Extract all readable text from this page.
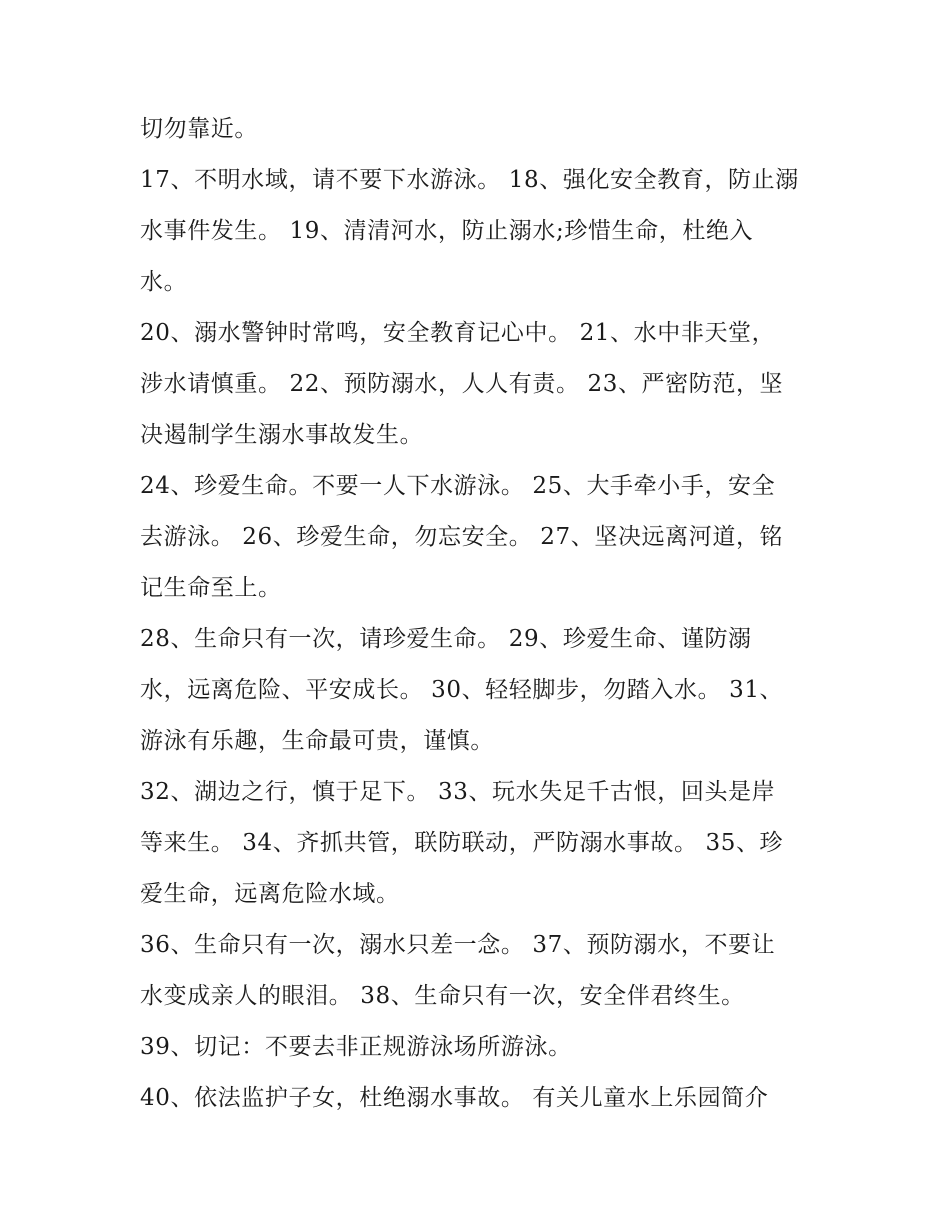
切勿靠近。
17、不明水域，请不要下水游泳。 18、强化安全教育，防止溺
水事件发生。 19、清清河水，防止溺水;珍惜生命，杜绝入
水。
20、溺水警钟时常鸣，安全教育记心中。 21、水中非天堂，
涉水请慎重。 22、预防溺水，人人有责。 23、严密防范，坚
决遏制学生溺水事故发生。
24、珍爱生命。不要一人下水游泳。 25、大手牵小手，安全
去游泳。 26、珍爱生命，勿忘安全。 27、坚决远离河道，铭
记生命至上。
28、生命只有一次，请珍爱生命。 29、珍爱生命、谨防溺
水，远离危险、平安成长。 30、轻轻脚步，勿踏入水。 31、
游泳有乐趣，生命最可贵，谨慎。
32、湖边之行，慎于足下。 33、玩水失足千古恨，回头是岸
等来生。 34、齐抓共管，联防联动，严防溺水事故。 35、珍
爱生命，远离危险水域。
36、生命只有一次，溺水只差一念。 37、预防溺水，不要让
水变成亲人的眼泪。 38、生命只有一次，安全伴君终生。
39、切记：不要去非正规游泳场所游泳。
40、依法监护子女，杜绝溺水事故。 有关儿童水上乐园简介
